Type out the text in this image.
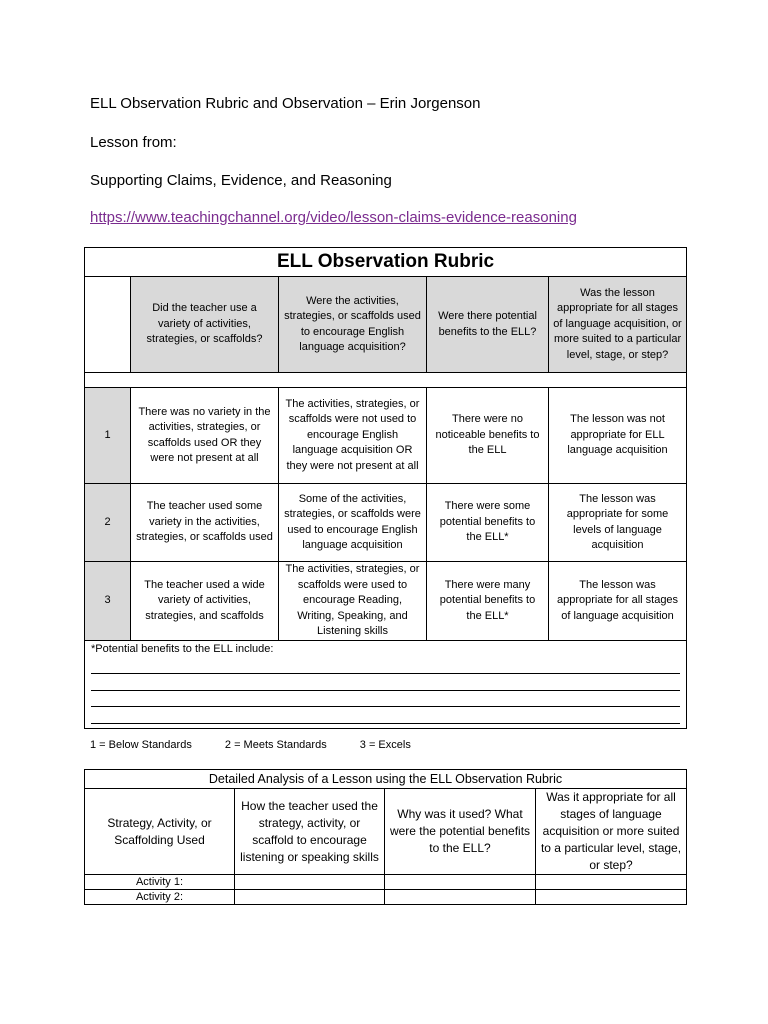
ELL Observation Rubric and Observation – Erin Jorgenson
Lesson from:
Supporting Claims, Evidence, and Reasoning
https://www.teachingchannel.org/video/lesson-claims-evidence-reasoning
ELL Observation Rubric				
	Did the teacher use a variety of activities, strategies, or scaffolds?	Were the activities, strategies, or scaffolds used to encourage English language acquisition?	Were there potential benefits to the ELL?	Was the lesson appropriate for all stages of language acquisition, or more suited to a particular level, stage, or step?

1	There was no variety in the activities, strategies, or scaffolds used OR they were not present at all	The activities, strategies, or scaffolds were not used to encourage English language acquisition OR they were not present at all	There were no noticeable benefits to the ELL	The lesson was not appropriate for ELL language acquisition
2	The teacher used some variety in the activities, strategies, or scaffolds used	Some of the activities, strategies, or scaffolds were used to encourage English language acquisition	There were some potential benefits to the ELL*	The lesson was appropriate for some levels of language acquisition
3	The teacher used a wide variety of activities, strategies, and scaffolds	The activities, strategies, or scaffolds were used to encourage Reading, Writing, Speaking, and Listening skills	There were many potential benefits to the ELL*	The lesson was appropriate for all stages of language acquisition

*Potential benefits to the ELL include:				
1 = Below Standards	2 = Meets Standards	3 = Excels
Detailed Analysis of a Lesson using the ELL Observation Rubric			
Strategy, Activity, or Scaffolding Used	How the teacher used the strategy, activity, or scaffold to encourage listening or speaking skills	Why was it used? What were the potential benefits to the ELL?	Was it appropriate for all stages of language acquisition or more suited to a particular level, stage, or step?
Activity 1:			
Activity 2:			
